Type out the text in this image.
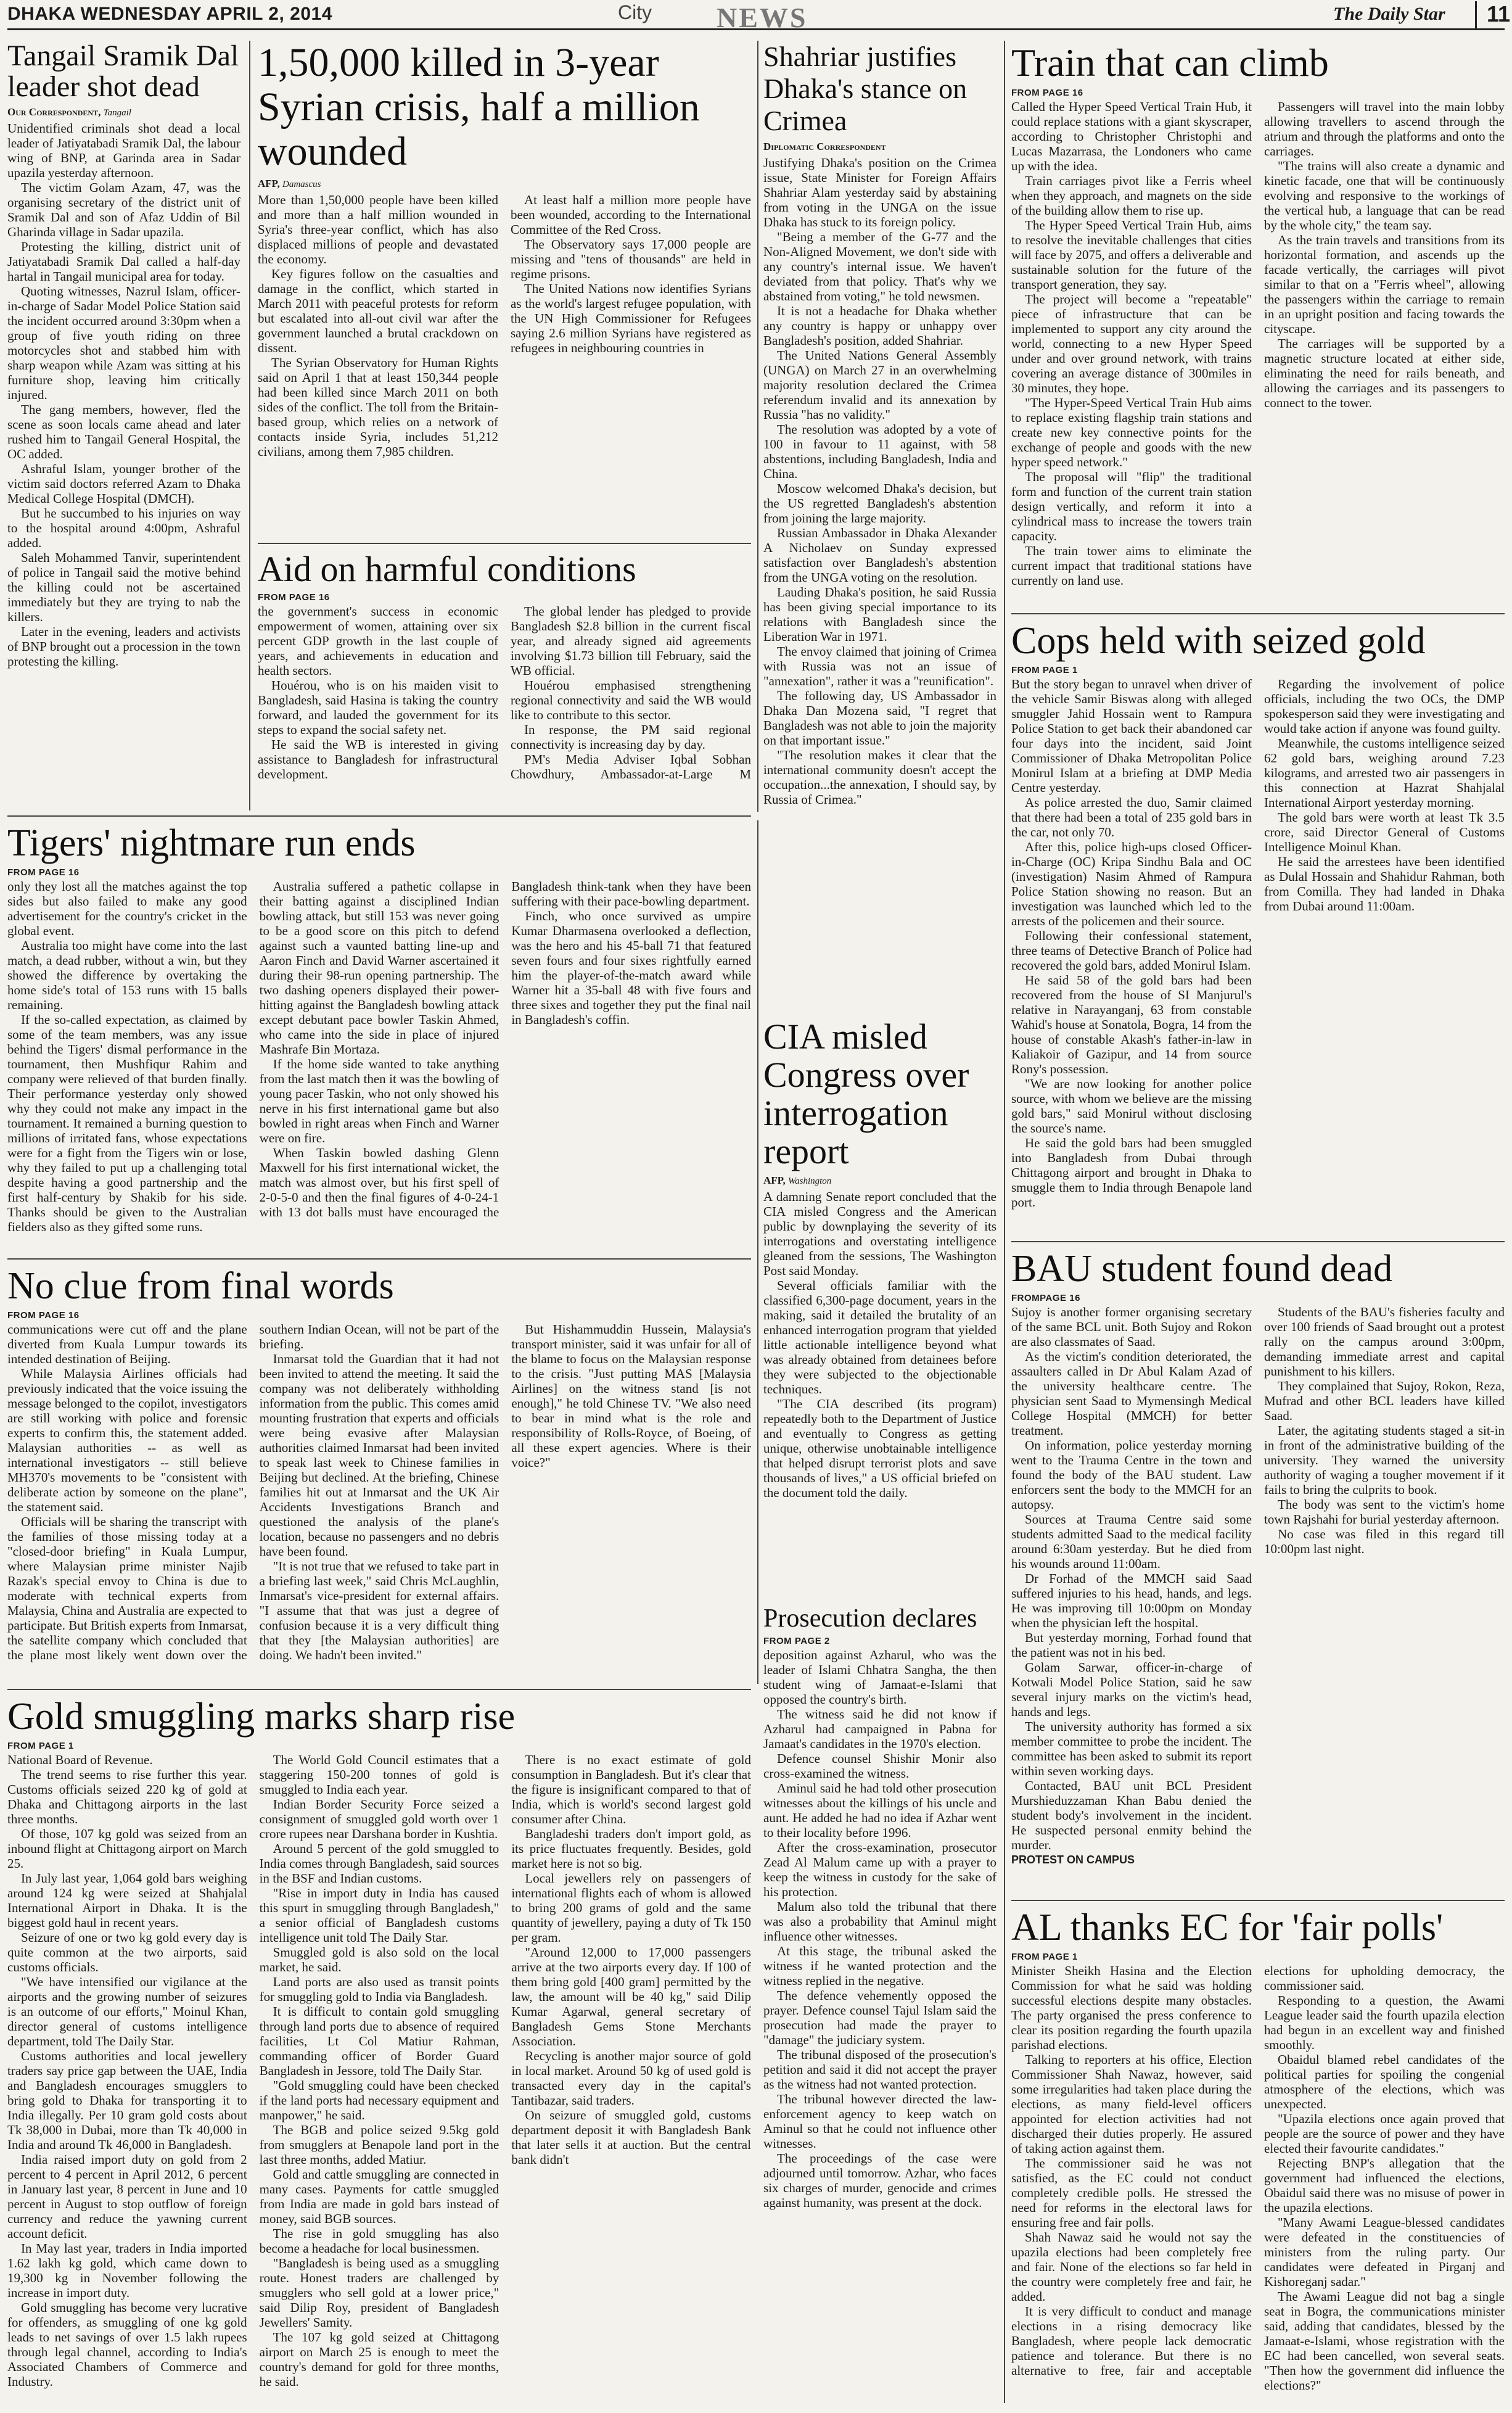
DHAKA WEDNESDAY APRIL 2, 2014	City NEWS	The Daily Star	11
Tangail Sramik Dal leader shot dead
Our Correspondent, Tangail

Unidentified criminals shot dead a local leader of Jatiyatabadi Sramik Dal, the labour wing of BNP, at Garinda area in Sadar upazila yesterday afternoon.

The victim Golam Azam, 47, was the organising secretary of the district unit of Sramik Dal and son of Afaz Uddin of Bil Gharinda village in Sadar upazila.

Protesting the killing, district unit of Jatiyatabadi Sramik Dal called a half-day hartal in Tangail municipal area for today.

Quoting witnesses, Nazrul Islam, officer-in-charge of Sadar Model Police Station said the incident occurred around 3:30pm when a group of five youth riding on three motorcycles shot and stabbed him with sharp weapon while Azam was sitting at his furniture shop, leaving him critically injured.

The gang members, however, fled the scene as soon locals came ahead and later rushed him to Tangail General Hospital, the OC added.

Ashraful Islam, younger brother of the victim said doctors referred Azam to Dhaka Medical College Hospital (DMCH).

But he succumbed to his injuries on way to the hospital around 4:00pm, Ashraful added.

Saleh Mohammed Tanvir, superintendent of police in Tangail said the motive behind the killing could not be ascertained immediately but they are trying to nab the killers.

Later in the evening, leaders and activists of BNP brought out a procession in the town protesting the killing.

1,50,000 killed in 3-year Syrian crisis, half a million wounded
AFP, Damascus

More than 1,50,000 people have been killed and more than a half million wounded in Syria's three-year conflict, which has also displaced millions of people and devastated the economy.

Key figures follow on the casualties and damage in the conflict, which started in March 2011 with peaceful protests for reform but escalated into all-out civil war after the government launched a brutal crackdown on dissent.

The Syrian Observatory for Human Rights said on April 1 that at least 150,344 people had been killed since March 2011 on both sides of the conflict. The toll from the Britain-based group, which relies on a network of contacts inside Syria, includes 51,212 civilians, among them 7,985 children.

At least half a million more people have been wounded, according to the International Committee of the Red Cross.

The Observatory says 17,000 people are missing and "tens of thousands" are held in regime prisons.

The United Nations now identifies Syrians as the world's largest refugee population, with the UN High Commissioner for Refugees saying 2.6 million Syrians have registered as refugees in neighbouring countries in

Aid on harmful conditions
FROM PAGE 16

the government's success in economic empowerment of women, attaining over six percent GDP growth in the last couple of years, and achievements in education and health sectors.

Houérou, who is on his maiden visit to Bangladesh, said Hasina is taking the country forward, and lauded the government for its steps to expand the social safety net.

He said the WB is interested in giving assistance to Bangladesh for infrastructural development.

The global lender has pledged to provide Bangladesh $2.8 billion in the current fiscal year, and already signed aid agreements involving $1.73 billion till February, said the WB official.

Houérou emphasised strengthening regional connectivity and said the WB would like to contribute to this sector.

In response, the PM said regional connectivity is increasing day by day.

PM's Media Adviser Iqbal Sobhan Chowdhury, Ambassador-at-Large M

Shahriar justifies Dhaka's stance on Crimea
Diplomatic Correspondent

Justifying Dhaka's position on the Crimea issue, State Minister for Foreign Affairs Shahriar Alam yesterday said by abstaining from voting in the UNGA on the issue Dhaka has stuck to its foreign policy.

"Being a member of the G-77 and the Non-Aligned Movement, we don't side with any country's internal issue. We haven't deviated from that policy. That's why we abstained from voting," he told newsmen.

It is not a headache for Dhaka whether any country is happy or unhappy over Bangladesh's position, added Shahriar.

The United Nations General Assembly (UNGA) on March 27 in an overwhelming majority resolution declared the Crimea referendum invalid and its annexation by Russia "has no validity."

The resolution was adopted by a vote of 100 in favour to 11 against, with 58 abstentions, including Bangladesh, India and China.

Moscow welcomed Dhaka's decision, but the US regretted Bangladesh's abstention from joining the large majority.

Russian Ambassador in Dhaka Alexander A Nicholaev on Sunday expressed satisfaction over Bangladesh's abstention from the UNGA voting on the resolution.

Lauding Dhaka's position, he said Russia has been giving special importance to its relations with Bangladesh since the Liberation War in 1971.

The envoy claimed that joining of Crimea with Russia was not an issue of "annexation", rather it was a "reunification".

The following day, US Ambassador in Dhaka Dan Mozena said, "I regret that Bangladesh was not able to join the majority on that important issue."

"The resolution makes it clear that the international community doesn't accept the occupation...the annexation, I should say, by Russia of Crimea."

Train that can climb
FROM PAGE 16

Called the Hyper Speed Vertical Train Hub, it could replace stations with a giant skyscraper, according to Christopher Christophi and Lucas Mazarrasa, the Londoners who came up with the idea.

Train carriages pivot like a Ferris wheel when they approach, and magnets on the side of the building allow them to rise up.

The Hyper Speed Vertical Train Hub, aims to resolve the inevitable challenges that cities will face by 2075, and offers a deliverable and sustainable solution for the future of the transport generation, they say.

The project will become a "repeatable" piece of infrastructure that can be implemented to support any city around the world, connecting to a new Hyper Speed under and over ground network, with trains covering an average distance of 300miles in 30 minutes, they hope.

"The Hyper-Speed Vertical Train Hub aims to replace existing flagship train stations and create new key connective points for the exchange of people and goods with the new hyper speed network."

The proposal will "flip" the traditional form and function of the current train station design vertically, and reform it into a cylindrical mass to increase the towers train capacity.

The train tower aims to eliminate the current impact that traditional stations have currently on land use.

Passengers will travel into the main lobby allowing travellers to ascend through the atrium and through the platforms and onto the carriages.

"The trains will also create a dynamic and kinetic facade, one that will be continuously evolving and responsive to the workings of the vertical hub, a language that can be read by the whole city," the team say.

As the train travels and transitions from its horizontal formation, and ascends up the facade vertically, the carriages will pivot similar to that on a "Ferris wheel", allowing the passengers within the carriage to remain in an upright position and facing towards the cityscape.

The carriages will be supported by a magnetic structure located at either side, eliminating the need for rails beneath, and allowing the carriages and its passengers to connect to the tower.

Cops held with seized gold
FROM PAGE 1

But the story began to unravel when driver of the vehicle Samir Biswas along with alleged smuggler Jahid Hossain went to Rampura Police Station to get back their abandoned car four days into the incident, said Joint Commissioner of Dhaka Metropolitan Police Monirul Islam at a briefing at DMP Media Centre yesterday.

As police arrested the duo, Samir claimed that there had been a total of 235 gold bars in the car, not only 70.

After this, police high-ups closed Officer-in-Charge (OC) Kripa Sindhu Bala and OC (investigation) Nasim Ahmed of Rampura Police Station showing no reason. But an investigation was launched which led to the arrests of the policemen and their source.

Following their confessional statement, three teams of Detective Branch of Police had recovered the gold bars, added Monirul Islam.

He said 58 of the gold bars had been recovered from the house of SI Manjurul's relative in Narayanganj, 63 from constable Wahid's house at Sonatola, Bogra, 14 from the house of constable Akash's father-in-law in Kaliakoir of Gazipur, and 14 from source Rony's possession.

"We are now looking for another police source, with whom we believe are the missing gold bars," said Monirul without disclosing the source's name.

He said the gold bars had been smuggled into Bangladesh from Dubai through Chittagong airport and brought in Dhaka to smuggle them to India through Benapole land port.

Regarding the involvement of police officials, including the two OCs, the DMP spokesperson said they were investigating and would take action if anyone was found guilty.

Meanwhile, the customs intelligence seized 62 gold bars, weighing around 7.23 kilograms, and arrested two air passengers in this connection at Hazrat Shahjalal International Airport yesterday morning.

The gold bars were worth at least Tk 3.5 crore, said Director General of Customs Intelligence Moinul Khan.

He said the arrestees have been identified as Dulal Hossain and Shahidur Rahman, both from Comilla. They had landed in Dhaka from Dubai around 11:00am.

Tigers' nightmare run ends
FROM PAGE 16

only they lost all the matches against the top sides but also failed to make any good advertisement for the country's cricket in the global event.

Australia too might have come into the last match, a dead rubber, without a win, but they showed the difference by overtaking the home side's total of 153 runs with 15 balls remaining.

If the so-called expectation, as claimed by some of the team members, was any issue behind the Tigers' dismal performance in the tournament, then Mushfiqur Rahim and company were relieved of that burden finally. Their performance yesterday only showed why they could not make any impact in the tournament. It remained a burning question to millions of irritated fans, whose expectations were for a fight from the Tigers win or lose, why they failed to put up a challenging total despite having a good partnership and the first half-century by Shakib for his side. Thanks should be given to the Australian fielders also as they gifted some runs.

Australia suffered a pathetic collapse in their batting against a disciplined Indian bowling attack, but still 153 was never going to be a good score on this pitch to defend against such a vaunted batting line-up and Aaron Finch and David Warner ascertained it during their 98-run opening partnership. The two dashing openers displayed their power-hitting against the Bangladesh bowling attack except debutant pace bowler Taskin Ahmed, who came into the side in place of injured Mashrafe Bin Mortaza.

If the home side wanted to take anything from the last match then it was the bowling of young pacer Taskin, who not only showed his nerve in his first international game but also bowled in right areas when Finch and Warner were on fire.

When Taskin bowled dashing Glenn Maxwell for his first international wicket, the match was almost over, but his first spell of 2-0-5-0 and then the final figures of 4-0-24-1 with 13 dot balls must have encouraged the Bangladesh think-tank when they have been suffering with their pace-bowling department.

Finch, who once survived as umpire Kumar Dharmasena overlooked a deflection, was the hero and his 45-ball 71 that featured seven fours and four sixes rightfully earned him the player-of-the-match award while Warner hit a 35-ball 48 with five fours and three sixes and together they put the final nail in Bangladesh's coffin.

No clue from final words
FROM PAGE 16

communications were cut off and the plane diverted from Kuala Lumpur towards its intended destination of Beijing.

While Malaysia Airlines officials had previously indicated that the voice issuing the message belonged to the copilot, investigators are still working with police and forensic experts to confirm this, the statement added. Malaysian authorities -- as well as international investigators -- still believe MH370's movements to be "consistent with deliberate action by someone on the plane", the statement said.

Officials will be sharing the transcript with the families of those missing today at a "closed-door briefing" in Kuala Lumpur, where Malaysian prime minister Najib Razak's special envoy to China is due to moderate with technical experts from Malaysia, China and Australia are expected to participate. But British experts from Inmarsat, the satellite company which concluded that the plane most likely went down over the southern Indian Ocean, will not be part of the briefing.

Inmarsat told the Guardian that it had not been invited to attend the meeting. It said the company was not deliberately withholding information from the public. This comes amid mounting frustration that experts and officials were being evasive after Malaysian authorities claimed Inmarsat had been invited to speak last week to Chinese families in Beijing but declined. At the briefing, Chinese families hit out at Inmarsat and the UK Air Accidents Investigations Branch and questioned the analysis of the plane's location, because no passengers and no debris have been found.

"It is not true that we refused to take part in a briefing last week," said Chris McLaughlin, Inmarsat's vice-president for external affairs. "I assume that that was just a degree of confusion because it is a very difficult thing that they [the Malaysian authorities] are doing. We hadn't been invited."

But Hishammuddin Hussein, Malaysia's transport minister, said it was unfair for all of the blame to focus on the Malaysian response to the crisis. "Just putting MAS [Malaysia Airlines] on the witness stand [is not enough]," he told Chinese TV. "We also need to bear in mind what is the role and responsibility of Rolls-Royce, of Boeing, of all these expert agencies. Where is their voice?"

CIA misled Congress over interrogation report
AFP, Washington

A damning Senate report concluded that the CIA misled Congress and the American public by downplaying the severity of its interrogations and overstating intelligence gleaned from the sessions, The Washington Post said Monday.

Several officials familiar with the classified 6,300-page document, years in the making, said it detailed the brutality of an enhanced interrogation program that yielded little actionable intelligence beyond what was already obtained from detainees before they were subjected to the objectionable techniques.

"The CIA described (its program) repeatedly both to the Department of Justice and eventually to Congress as getting unique, otherwise unobtainable intelligence that helped disrupt terrorist plots and save thousands of lives," a US official briefed on the document told the daily.

Prosecution declares
FROM PAGE 2

deposition against Azharul, who was the leader of Islami Chhatra Sangha, the then student wing of Jamaat-e-Islami that opposed the country's birth.

The witness said he did not know if Azharul had campaigned in Pabna for Jamaat's candidates in the 1970's election.

Defence counsel Shishir Monir also cross-examined the witness.

Aminul said he had told other prosecution witnesses about the killings of his uncle and aunt. He added he had no idea if Azhar went to their locality before 1996.

After the cross-examination, prosecutor Zead Al Malum came up with a prayer to keep the witness in custody for the sake of his protection.

Malum also told the tribunal that there was also a probability that Aminul might influence other witnesses.

At this stage, the tribunal asked the witness if he wanted protection and the witness replied in the negative.

The defence vehemently opposed the prayer. Defence counsel Tajul Islam said the prosecution had made the prayer to "damage" the judiciary system.

The tribunal disposed of the prosecution's petition and said it did not accept the prayer as the witness had not wanted protection.

The tribunal however directed the law-enforcement agency to keep watch on Aminul so that he could not influence other witnesses.

The proceedings of the case were adjourned until tomorrow. Azhar, who faces six charges of murder, genocide and crimes against humanity, was present at the dock.

Gold smuggling marks sharp rise
FROM PAGE 1

National Board of Revenue.

The trend seems to rise further this year. Customs officials seized 220 kg of gold at Dhaka and Chittagong airports in the last three months.

Of those, 107 kg gold was seized from an inbound flight at Chittagong airport on March 25.

In July last year, 1,064 gold bars weighing around 124 kg were seized at Shahjalal International Airport in Dhaka. It is the biggest gold haul in recent years.

Seizure of one or two kg gold every day is quite common at the two airports, said customs officials.

"We have intensified our vigilance at the airports and the growing number of seizures is an outcome of our efforts," Moinul Khan, director general of customs intelligence department, told The Daily Star.

Customs authorities and local jewellery traders say price gap between the UAE, India and Bangladesh encourages smugglers to bring gold to Dhaka for transporting it to India illegally. Per 10 gram gold costs about Tk 38,000 in Dubai, more than Tk 40,000 in India and around Tk 46,000 in Bangladesh.

India raised import duty on gold from 2 percent to 4 percent in April 2012, 6 percent in January last year, 8 percent in June and 10 percent in August to stop outflow of foreign currency and reduce the yawning current account deficit.

In May last year, traders in India imported 1.62 lakh kg gold, which came down to 19,300 kg in November following the increase in import duty.

Gold smuggling has become very lucrative for offenders, as smuggling of one kg gold leads to net savings of over 1.5 lakh rupees through legal channel, according to India's Associated Chambers of Commerce and Industry.

The World Gold Council estimates that a staggering 150-200 tonnes of gold is smuggled to India each year.

Indian Border Security Force seized a consignment of smuggled gold worth over 1 crore rupees near Darshana border in Kushtia.

Around 5 percent of the gold smuggled to India comes through Bangladesh, said sources in the BSF and Indian customs.

"Rise in import duty in India has caused this spurt in smuggling through Bangladesh," a senior official of Bangladesh customs intelligence unit told The Daily Star.

Smuggled gold is also sold on the local market, he said.

Land ports are also used as transit points for smuggling gold to India via Bangladesh.

It is difficult to contain gold smuggling through land ports due to absence of required facilities, Lt Col Matiur Rahman, commanding officer of Border Guard Bangladesh in Jessore, told The Daily Star.

"Gold smuggling could have been checked if the land ports had necessary equipment and manpower," he said.

The BGB and police seized 9.5kg gold from smugglers at Benapole land port in the last three months, added Matiur.

Gold and cattle smuggling are connected in many cases. Payments for cattle smuggled from India are made in gold bars instead of money, said BGB sources.

The rise in gold smuggling has also become a headache for local businessmen.

"Bangladesh is being used as a smuggling route. Honest traders are challenged by smugglers who sell gold at a lower price," said Dilip Roy, president of Bangladesh Jewellers' Samity.

The 107 kg gold seized at Chittagong airport on March 25 is enough to meet the country's demand for gold for three months, he said.

There is no exact estimate of gold consumption in Bangladesh. But it's clear that the figure is insignificant compared to that of India, which is world's second largest gold consumer after China.

Bangladeshi traders don't import gold, as its price fluctuates frequently. Besides, gold market here is not so big.

Local jewellers rely on passengers of international flights each of whom is allowed to bring 200 grams of gold and the same quantity of jewellery, paying a duty of Tk 150 per gram.

"Around 12,000 to 17,000 passengers arrive at the two airports every day. If 100 of them bring gold [400 gram] permitted by the law, the amount will be 40 kg," said Dilip Kumar Agarwal, general secretary of Bangladesh Gems Stone Merchants Association.

Recycling is another major source of gold in local market. Around 50 kg of used gold is transacted every day in the capital's Tantibazar, said traders.

On seizure of smuggled gold, customs department deposit it with Bangladesh Bank that later sells it at auction. But the central bank didn't

BAU student found dead
FROMPAGE 16

Sujoy is another former organising secretary of the same BCL unit. Both Sujoy and Rokon are also classmates of Saad.

As the victim's condition deteriorated, the assaulters called in Dr Abul Kalam Azad of the university healthcare centre. The physician sent Saad to Mymensingh Medical College Hospital (MMCH) for better treatment.

On information, police yesterday morning went to the Trauma Centre in the town and found the body of the BAU student. Law enforcers sent the body to the MMCH for an autopsy.

Sources at Trauma Centre said some students admitted Saad to the medical facility around 6:30am yesterday. But he died from his wounds around 11:00am.

Dr Forhad of the MMCH said Saad suffered injuries to his head, hands, and legs. He was improving till 10:00pm on Monday when the physician left the hospital.

But yesterday morning, Forhad found that the patient was not in his bed.

Golam Sarwar, officer-in-charge of Kotwali Model Police Station, said he saw several injury marks on the victim's head, hands and legs.

The university authority has formed a six member committee to probe the incident. The committee has been asked to submit its report within seven working days.

Contacted, BAU unit BCL President Murshieduzzaman Khan Babu denied the student body's involvement in the incident. He suspected personal enmity behind the murder.

PROTEST ON CAMPUS

Students of the BAU's fisheries faculty and over 100 friends of Saad brought out a protest rally on the campus around 3:00pm, demanding immediate arrest and capital punishment to his killers.

They complained that Sujoy, Rokon, Reza, Mufrad and other BCL leaders have killed Saad.

Later, the agitating students staged a sit-in in front of the administrative building of the university. They warned the university authority of waging a tougher movement if it fails to bring the culprits to book.

The body was sent to the victim's home town Rajshahi for burial yesterday afternoon.

No case was filed in this regard till 10:00pm last night.

AL thanks EC for 'fair polls'
FROM PAGE 1

Minister Sheikh Hasina and the Election Commission for what he said was holding successful elections despite many obstacles. The party organised the press conference to clear its position regarding the fourth upazila parishad elections.

Talking to reporters at his office, Election Commissioner Shah Nawaz, however, said some irregularities had taken place during the elections, as many field-level officers appointed for election activities had not discharged their duties properly. He assured of taking action against them.

The commissioner said he was not satisfied, as the EC could not conduct completely credible polls. He stressed the need for reforms in the electoral laws for ensuring free and fair polls.

Shah Nawaz said he would not say the upazila elections had been completely free and fair. None of the elections so far held in the country were completely free and fair, he added.

It is very difficult to conduct and manage elections in a rising democracy like Bangladesh, where people lack democratic patience and tolerance. But there is no alternative to free, fair and acceptable elections for upholding democracy, the commissioner said.

Responding to a question, the Awami League leader said the fourth upazila election had begun in an excellent way and finished smoothly.

Obaidul blamed rebel candidates of the political parties for spoiling the congenial atmosphere of the elections, which was unexpected.

"Upazila elections once again proved that people are the source of power and they have elected their favourite candidates."

Rejecting BNP's allegation that the government had influenced the elections, Obaidul said there was no misuse of power in the upazila elections.

"Many Awami League-blessed candidates were defeated in the constituencies of ministers from the ruling party. Our candidates were defeated in Pirganj and Kishoreganj sadar."

The Awami League did not bag a single seat in Bogra, the communications minister said, adding that candidates, blessed by the Jamaat-e-Islami, whose registration with the EC had been cancelled, won several seats. "Then how the government did influence the elections?"
